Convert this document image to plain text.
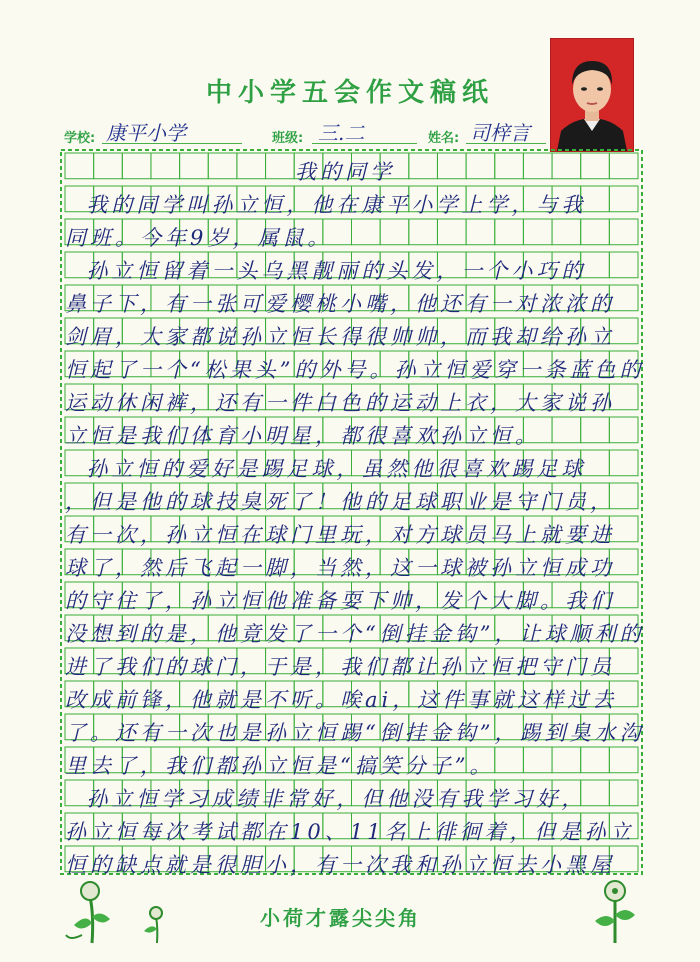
中小学五会作文稿纸
学校: 康平小学	班级: 三.二	姓名: 司梓言
我的同学
我的同学叫孙立恒，他在康平小学上学，与我
同班。今年9岁，属鼠。
孙立恒留着一头乌黑靓丽的头发，一个小巧的
鼻子下，有一张可爱樱桃小嘴，他还有一对浓浓的
剑眉，大家都说孙立恒长得很帅帅，而我却给孙立
恒起了一个“松果头”的外号。孙立恒爱穿一条蓝色的
运动休闲裤，还有一件白色的运动上衣，大家说孙
立恒是我们体育小明星，都很喜欢孙立恒。
孙立恒的爱好是踢足球，虽然他很喜欢踢足球
，但是他的球技臭死了！他的足球职业是守门员，
有一次，孙立恒在球门里玩，对方球员马上就要进
球了，然后飞起一脚，当然，这一球被孙立恒成功
的守住了，孙立恒他准备耍下帅，发个大脚。我们
没想到的是，他竟发了一个“倒挂金钩”，让球顺利的
进了我们的球门，于是，我们都让孙立恒把守门员
改成前锋，他就是不听。唉ai，这件事就这样过去
了。还有一次也是孙立恒踢“倒挂金钩”，踢到臭水沟
里去了，我们都孙立恒是“搞笑分子”。
孙立恒学习成绩非常好，但他没有我学习好，
孙立恒每次考试都在10、11名上徘徊着，但是孙立
恒的缺点就是很胆小，有一次我和孙立恒去小黑屋
小荷才露尖尖角
